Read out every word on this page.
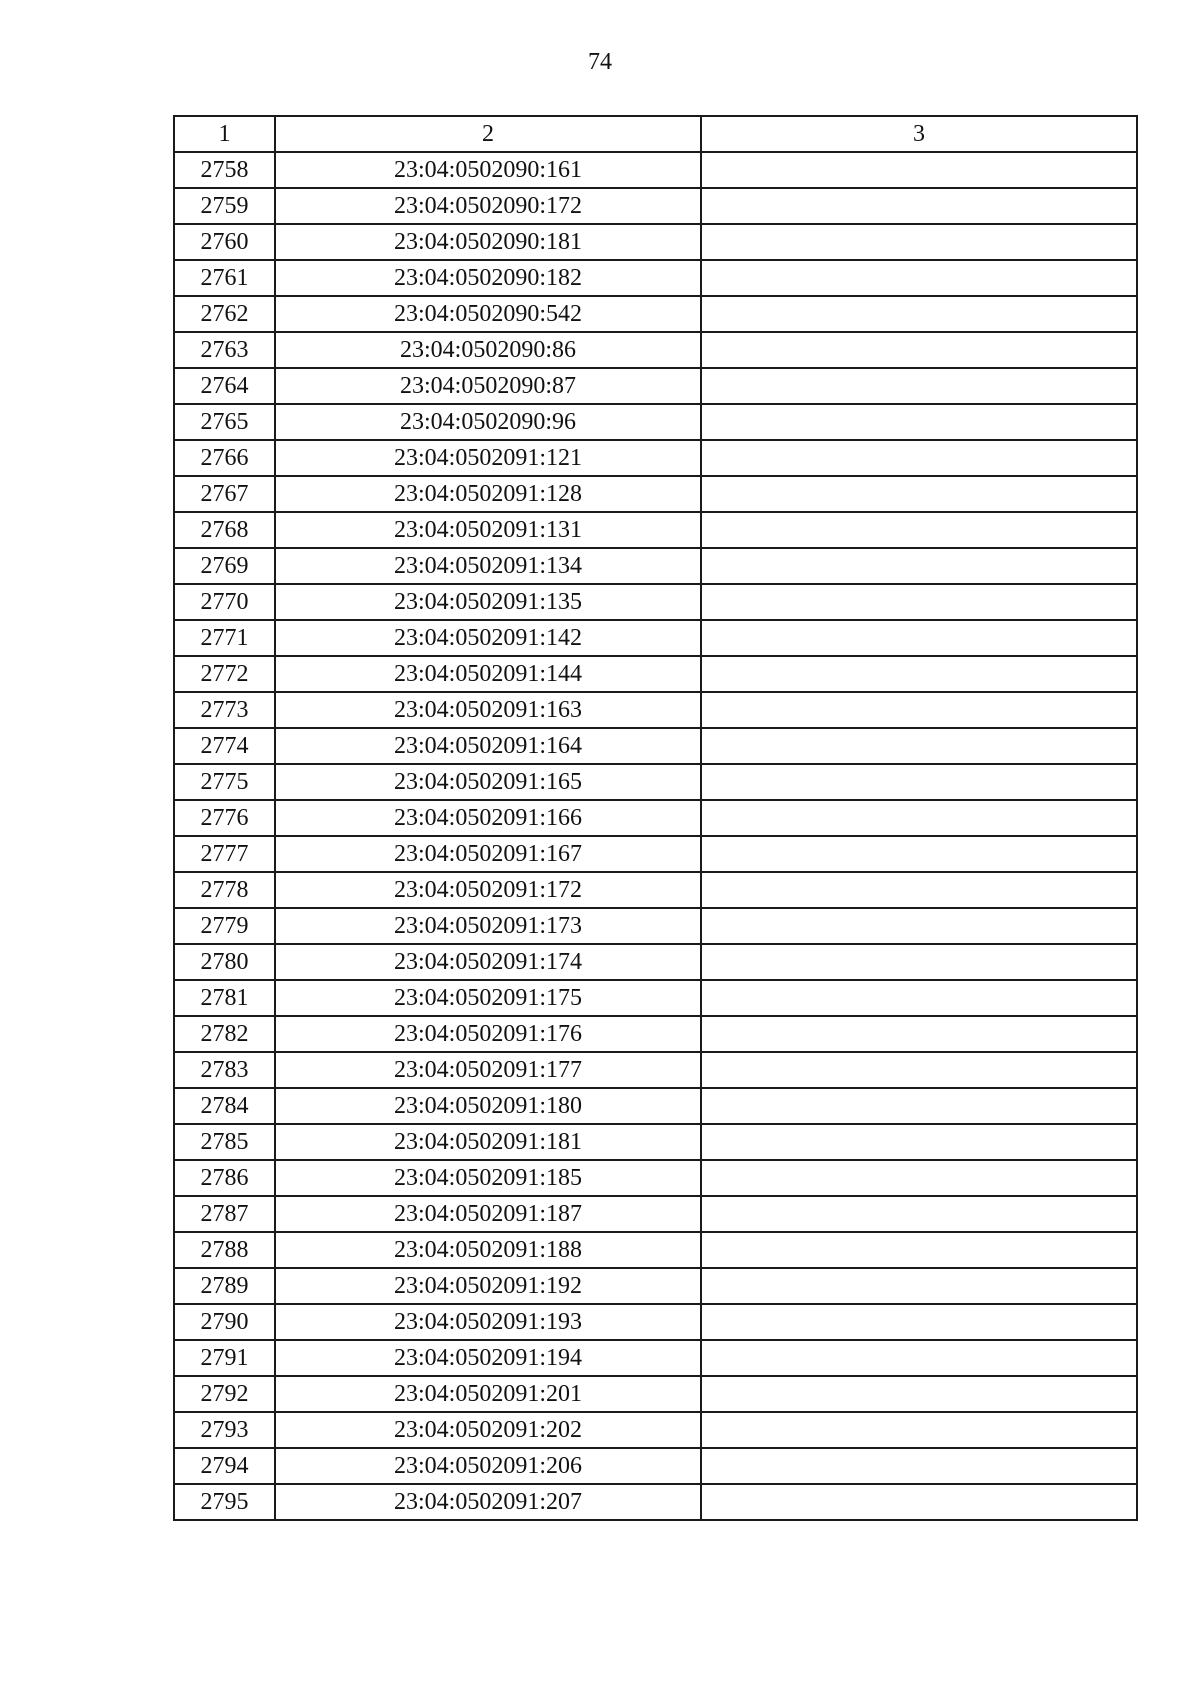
74
1	2	3
2758	23:04:0502090:161	
2759	23:04:0502090:172	
2760	23:04:0502090:181	
2761	23:04:0502090:182	
2762	23:04:0502090:542	
2763	23:04:0502090:86	
2764	23:04:0502090:87	
2765	23:04:0502090:96	
2766	23:04:0502091:121	
2767	23:04:0502091:128	
2768	23:04:0502091:131	
2769	23:04:0502091:134	
2770	23:04:0502091:135	
2771	23:04:0502091:142	
2772	23:04:0502091:144	
2773	23:04:0502091:163	
2774	23:04:0502091:164	
2775	23:04:0502091:165	
2776	23:04:0502091:166	
2777	23:04:0502091:167	
2778	23:04:0502091:172	
2779	23:04:0502091:173	
2780	23:04:0502091:174	
2781	23:04:0502091:175	
2782	23:04:0502091:176	
2783	23:04:0502091:177	
2784	23:04:0502091:180	
2785	23:04:0502091:181	
2786	23:04:0502091:185	
2787	23:04:0502091:187	
2788	23:04:0502091:188	
2789	23:04:0502091:192	
2790	23:04:0502091:193	
2791	23:04:0502091:194	
2792	23:04:0502091:201	
2793	23:04:0502091:202	
2794	23:04:0502091:206	
2795	23:04:0502091:207	
